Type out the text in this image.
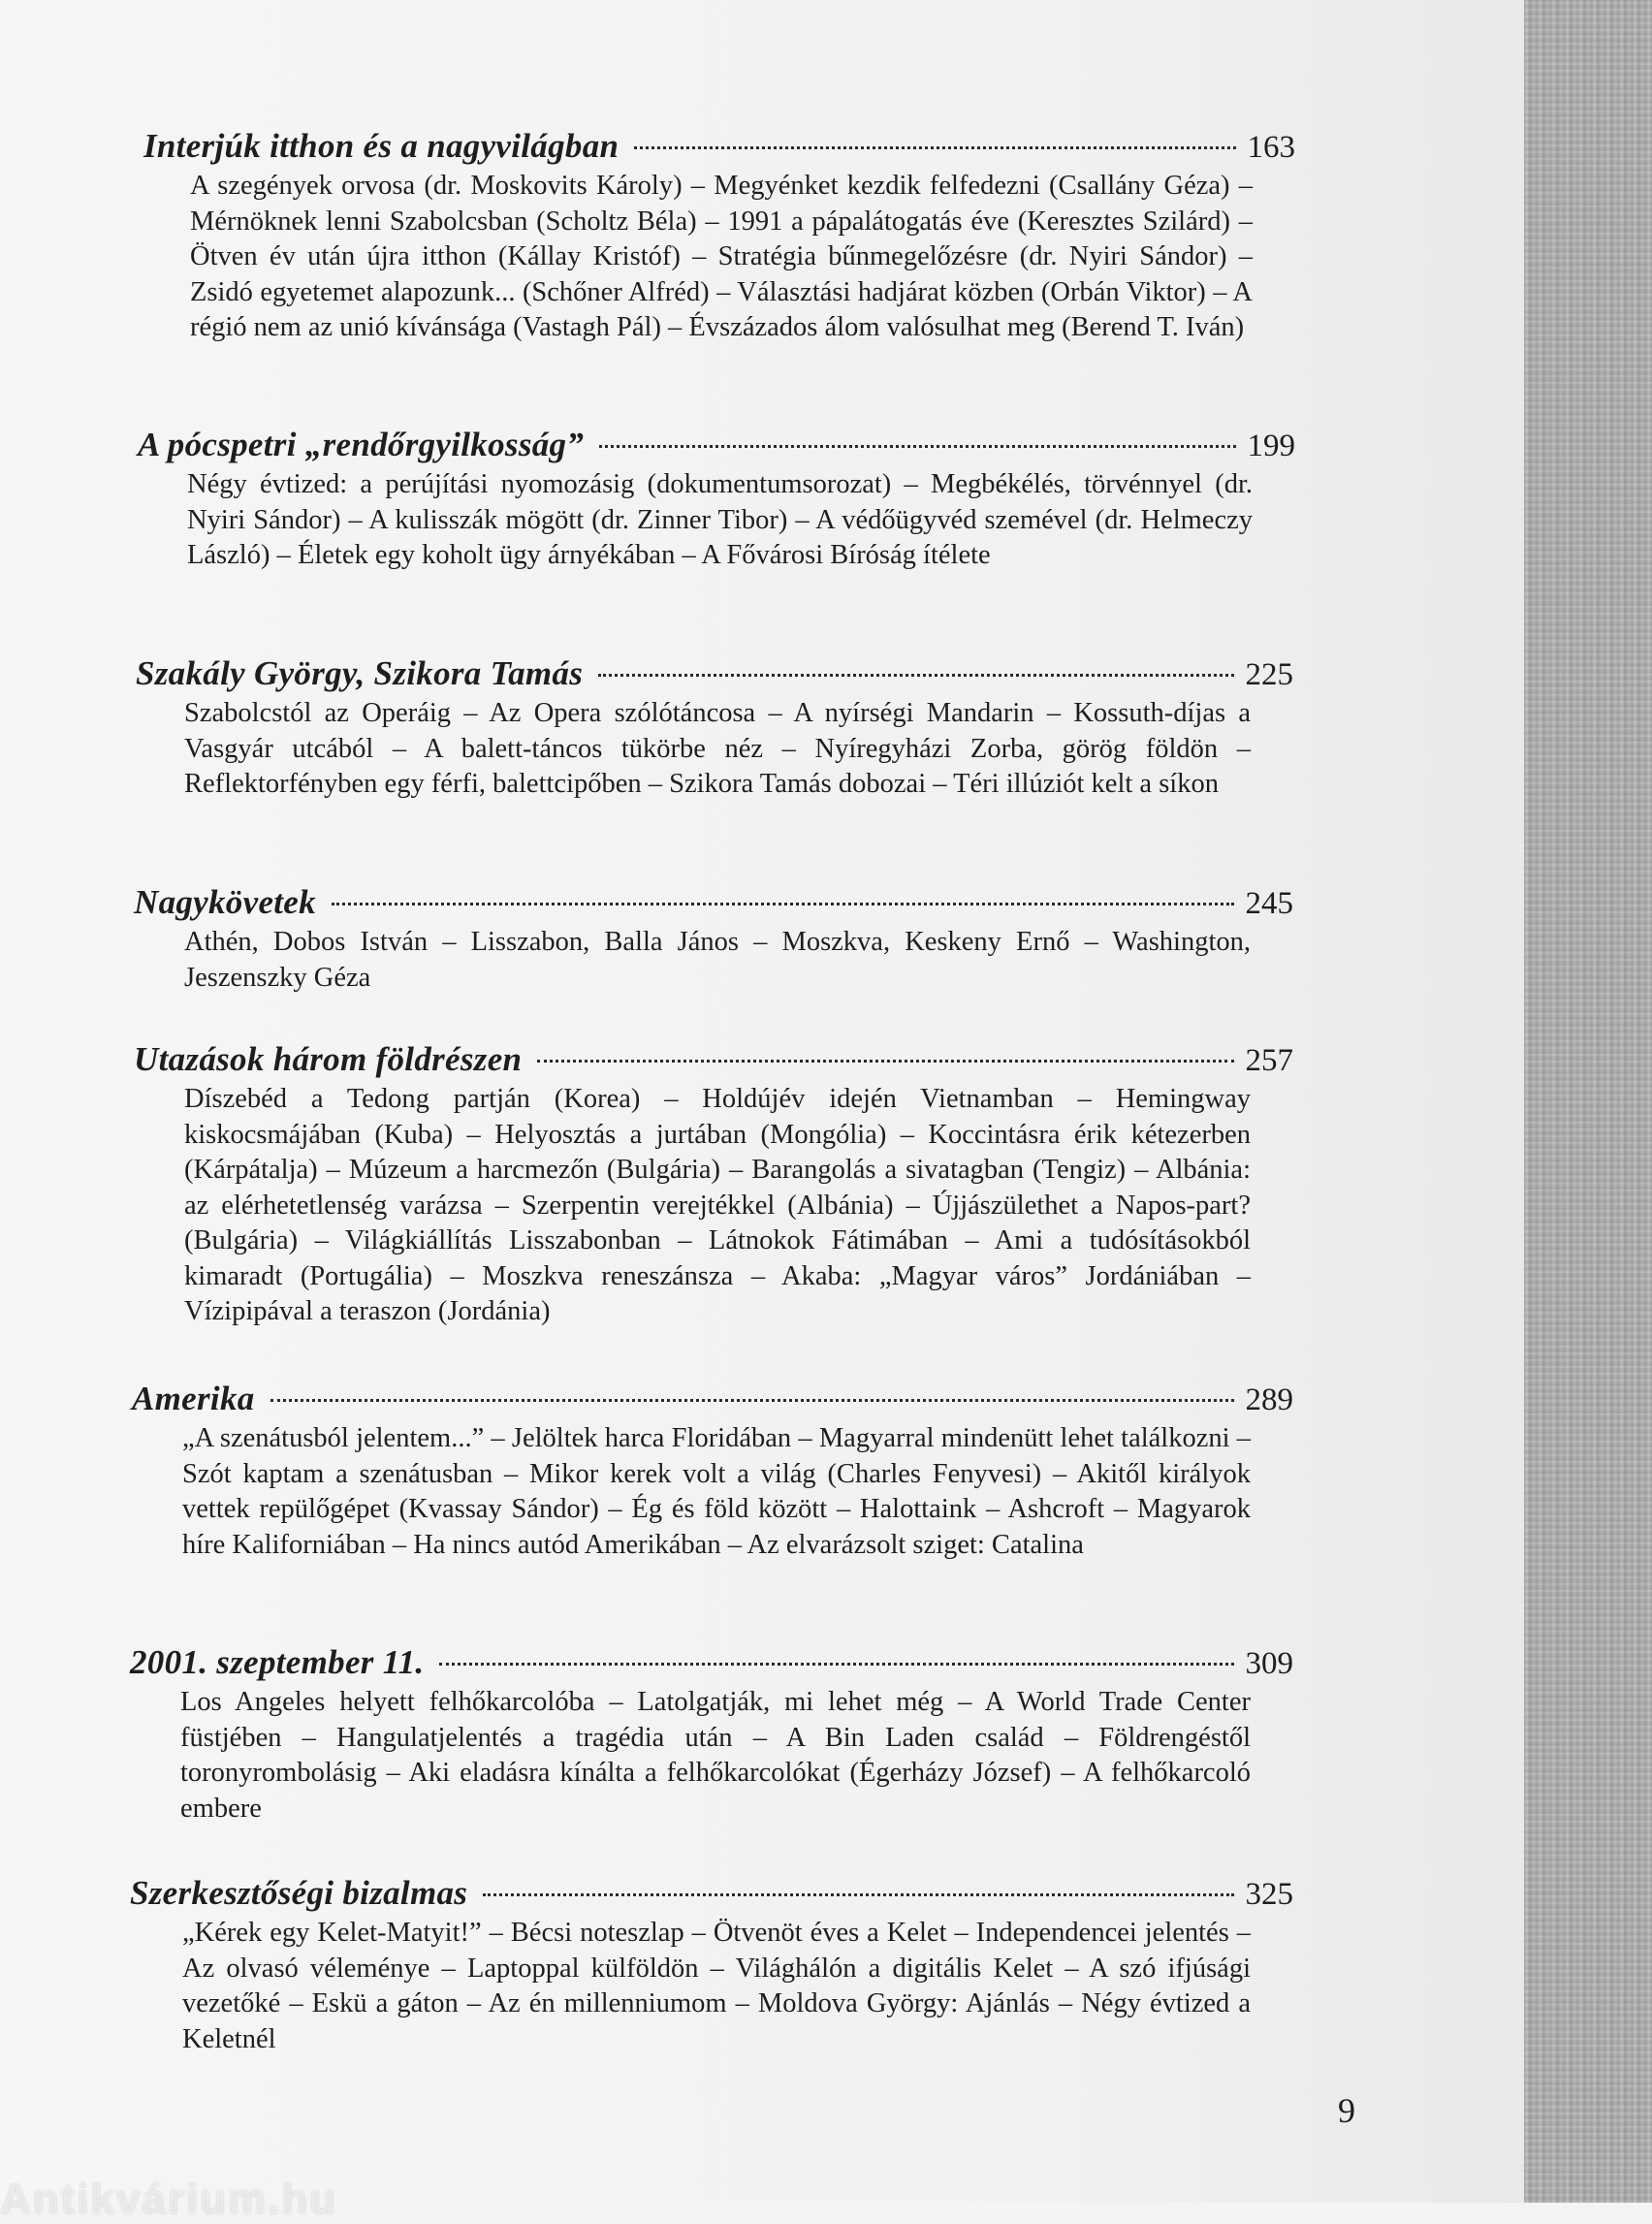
Interjúk itthon és a nagyvilágban	163
A szegények orvosa (dr. Moskovits Károly) – Megyénket kezdik felfedezni (Csallány Géza) – Mérnöknek lenni Szabolcsban (Scholtz Béla) – 1991 a pápalátogatás éve (Keresztes Szilárd) – Ötven év után újra itthon (Kállay Kristóf) – Stratégia bűnmegelőzésre (dr. Nyiri Sándor) – Zsidó egyetemet alapozunk... (Schőner Alfréd) – Választási hadjárat közben (Orbán Viktor) – A régió nem az unió kívánsága (Vastagh Pál) – Évszázados álom valósulhat meg (Berend T. Iván)
A pócspetri „rendőrgyilkosság”	199
Négy évtized: a perújítási nyomozásig (dokumentumsorozat) – Megbékélés, törvénnyel (dr. Nyiri Sándor) – A kulisszák mögött (dr. Zinner Tibor) – A védőügyvéd szemével (dr. Helmeczy László) – Életek egy koholt ügy árnyékában – A Fővárosi Bíróság ítélete
Szakály György, Szikora Tamás	225
Szabolcstól az Operáig – Az Opera szólótáncosa – A nyírségi Mandarin – Kossuth-díjas a Vasgyár utcából – A balett-táncos tükörbe néz – Nyíregyházi Zorba, görög földön – Reflektorfényben egy férfi, balettcipőben – Szikora Tamás dobozai – Téri illúziót kelt a síkon
Nagykövetek	245
Athén, Dobos István – Lisszabon, Balla János – Moszkva, Keskeny Ernő – Washington, Jeszenszky Géza
Utazások három földrészen	257
Díszebéd a Tedong partján (Korea) – Holdújév idején Vietnamban – Hemingway kiskocsmájában (Kuba) – Helyosztás a jurtában (Mongólia) – Koccintásra érik kétezerben (Kárpátalja) – Múzeum a harcmezőn (Bulgária) – Barangolás a sivatagban (Tengiz) – Albánia: az elérhetetlenség varázsa – Szerpentin verejtékkel (Albánia) – Újjászülethet a Napos-part? (Bulgária) – Világkiállítás Lisszabonban – Látnokok Fátimában – Ami a tudósításokból kimaradt (Portugália) – Moszkva reneszánsza – Akaba: „Magyar város” Jordániában – Vízipipával a teraszon (Jordánia)
Amerika	289
„A szenátusból jelentem...” – Jelöltek harca Floridában – Magyarral mindenütt lehet találkozni – Szót kaptam a szenátusban – Mikor kerek volt a világ (Charles Fenyvesi) – Akitől királyok vettek repülőgépet (Kvassay Sándor) – Ég és föld között – Halottaink – Ashcroft – Magyarok híre Kaliforniában – Ha nincs autód Amerikában – Az elvarázsolt sziget: Catalina
2001. szeptember 11.	309
Los Angeles helyett felhőkarcolóba – Latolgatják, mi lehet még – A World Trade Center füstjében – Hangulatjelentés a tragédia után – A Bin Laden család – Földrengéstől toronyrombolásig – Aki eladásra kínálta a felhőkarcolókat (Égerházy József) – A felhőkarcoló embere
Szerkesztőségi bizalmas	325
„Kérek egy Kelet-Matyit!” – Bécsi noteszlap – Ötvenöt éves a Kelet – Independencei jelentés – Az olvasó véleménye – Laptoppal külföldön – Világhálón a digitális Kelet – A szó ifjúsági vezetőké – Eskü a gáton – Az én millenniumom – Moldova György: Ajánlás – Négy évtized a Keletnél
9
Antikvárium.hu
